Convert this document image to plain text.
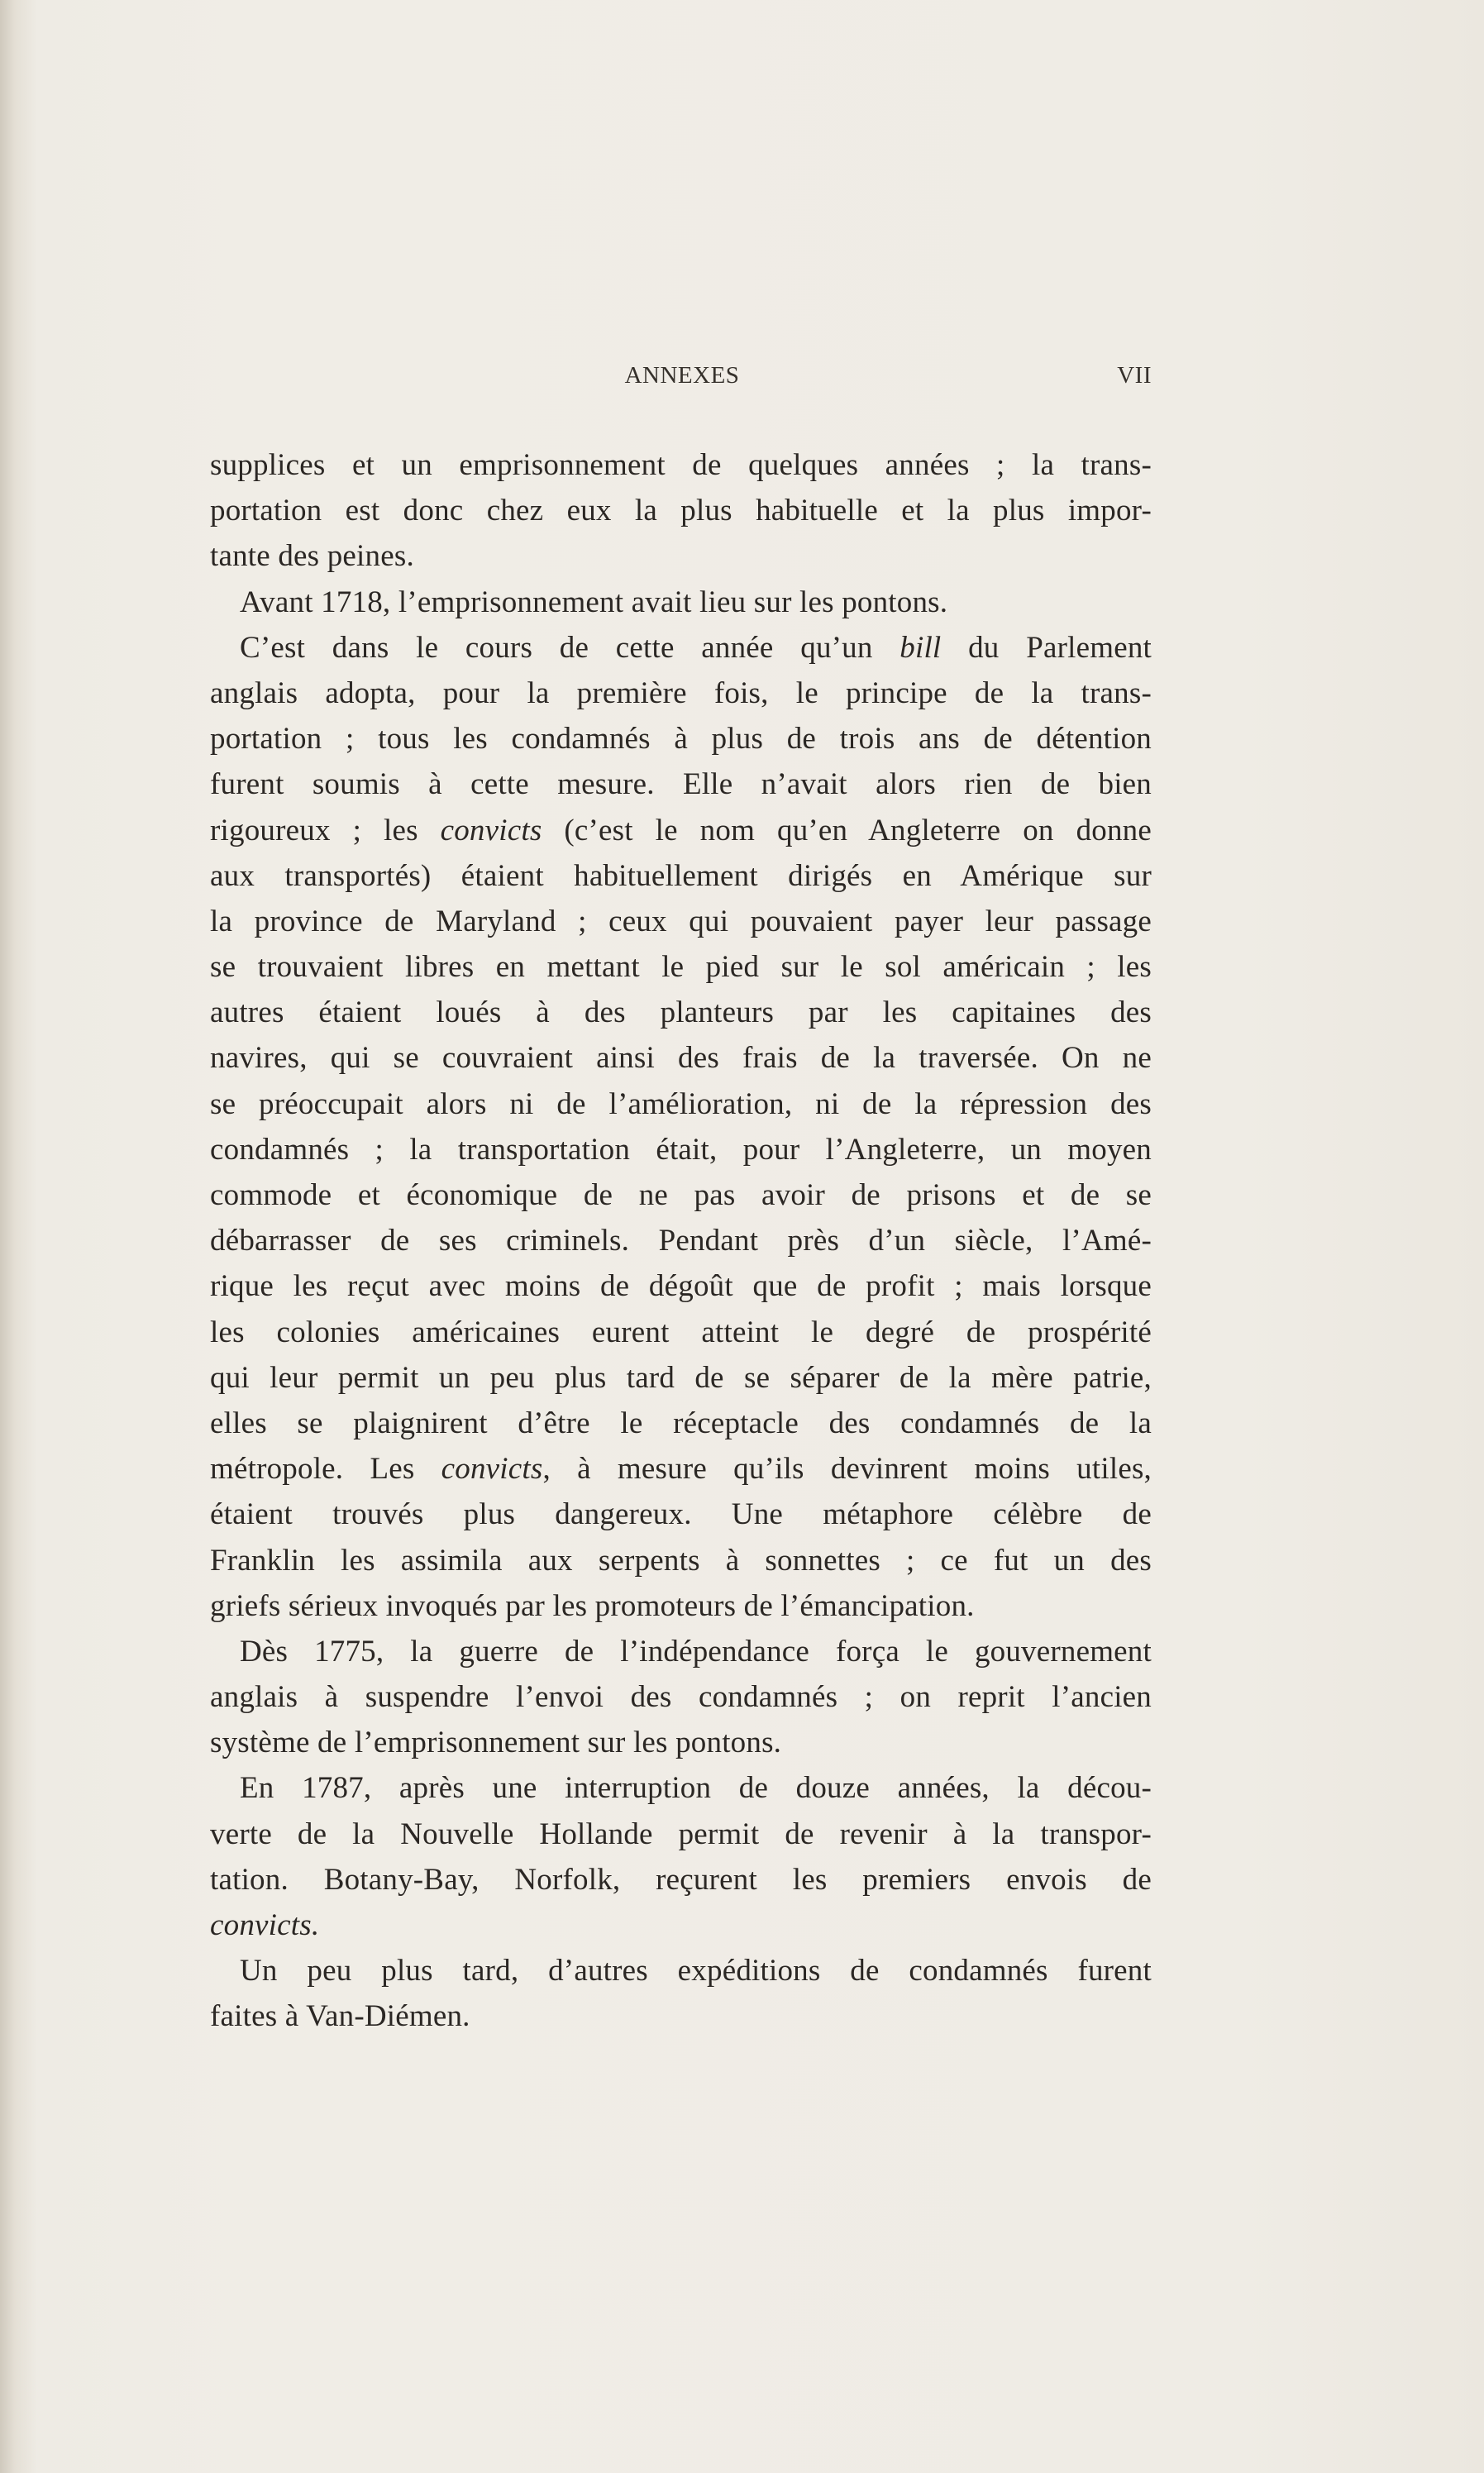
ANNEXES	VII
supplices et un emprisonnement de quelques années ; la trans-
portation est donc chez eux la plus habituelle et la plus impor-
tante des peines.
Avant 1718, l’emprisonnement avait lieu sur les pontons.
C’est dans le cours de cette année qu’un bill du Parlement
anglais adopta, pour la première fois, le principe de la trans-
portation ; tous les condamnés à plus de trois ans de détention
furent soumis à cette mesure. Elle n’avait alors rien de bien
rigoureux ; les convicts (c’est le nom qu’en Angleterre on donne
aux transportés) étaient habituellement dirigés en Amérique sur
la province de Maryland ; ceux qui pouvaient payer leur passage
se trouvaient libres en mettant le pied sur le sol américain ; les
autres étaient loués à des planteurs par les capitaines des
navires, qui se couvraient ainsi des frais de la traversée. On ne
se préoccupait alors ni de l’amélioration, ni de la répression des
condamnés ; la transportation était, pour l’Angleterre, un moyen
commode et économique de ne pas avoir de prisons et de se
débarrasser de ses criminels. Pendant près d’un siècle, l’Amé-
rique les reçut avec moins de dégoût que de profit ; mais lorsque
les colonies américaines eurent atteint le degré de prospérité
qui leur permit un peu plus tard de se séparer de la mère patrie,
elles se plaignirent d’être le réceptacle des condamnés de la
métropole. Les convicts, à mesure qu’ils devinrent moins utiles,
étaient trouvés plus dangereux. Une métaphore célèbre de
Franklin les assimila aux serpents à sonnettes ; ce fut un des
griefs sérieux invoqués par les promoteurs de l’émancipation.
Dès 1775, la guerre de l’indépendance força le gouvernement
anglais à suspendre l’envoi des condamnés ; on reprit l’ancien
système de l’emprisonnement sur les pontons.
En 1787, après une interruption de douze années, la décou-
verte de la Nouvelle Hollande permit de revenir à la transpor-
tation. Botany-Bay, Norfolk, reçurent les premiers envois de
convicts.
Un peu plus tard, d’autres expéditions de condamnés furent
faites à Van-Diémen.
